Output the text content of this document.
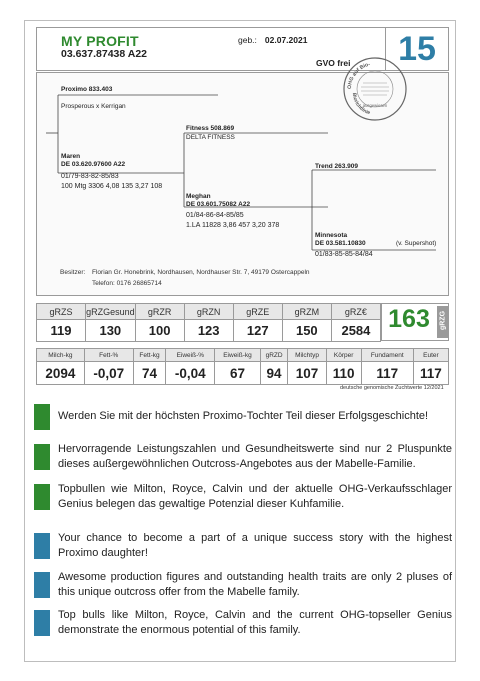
MY PROFIT
03.637.87438 A22
geb.: 02.07.2021
GVO frei	15
Proximo 833.403
Prosperous x Kerrigan
Maren
DE 03.620.97600 A22
01/79-83-82-85/83
100 Mtg 3306 4,08 135 3,27 108
Fitness 508.869
DELTA FITNESS
Meghan
DE 03.601.75082 A22
01/84-86-84-85/85
1.LA 11828 3,86 457 3,20 378
Trend 263.909
Minnesota
DE 03.581.10830	(v. Supershot)
01/83-85-85-84/84
OHG auf Bio-
Biorichtlinie
ausgewiesen
Besitzer: Florian Gr. Honebrink, Nordhausen, Nordhauser Str. 7, 49179 Ostercappeln
Telefon: 0176 26865714
gRZS	gRZGesund	gRZR	gRZN	gRZE	gRZM	gRZ€
119	130	100	123	127	150	2584 163	gRZG
Milch-kg	Fett-%	Fett-kg	Eiweiß-%	Eiweiß-kg	gRZD	Milchtyp	Körper	Fundament	Euter
2094	-0,07	74	-0,04	67	94	107	110	117	117
deutsche genomische Zuchtwerte 12/2021
Werden Sie mit der höchsten Proximo-Tochter Teil dieser Erfolgsgeschichte!
Hervorragende Leistungszahlen und Gesundheitswerte sind nur 2 Pluspunkte dieses außergewöhnlichen Outcross-Angebotes aus der Mabelle-Familie.
Topbullen wie Milton, Royce, Calvin und der aktuelle OHG-Verkaufsschlager Genius belegen das gewaltige Potenzial dieser Kuhfamilie.
Your chance to become a part of a unique success story with the highest Proximo daughter!
Awesome production figures and outstanding health traits are only 2 pluses of this unique outcross offer from the Mabelle family.
Top bulls like Milton, Royce, Calvin and the current OHG-topseller Genius demonstrate the enormous potential of this family.
